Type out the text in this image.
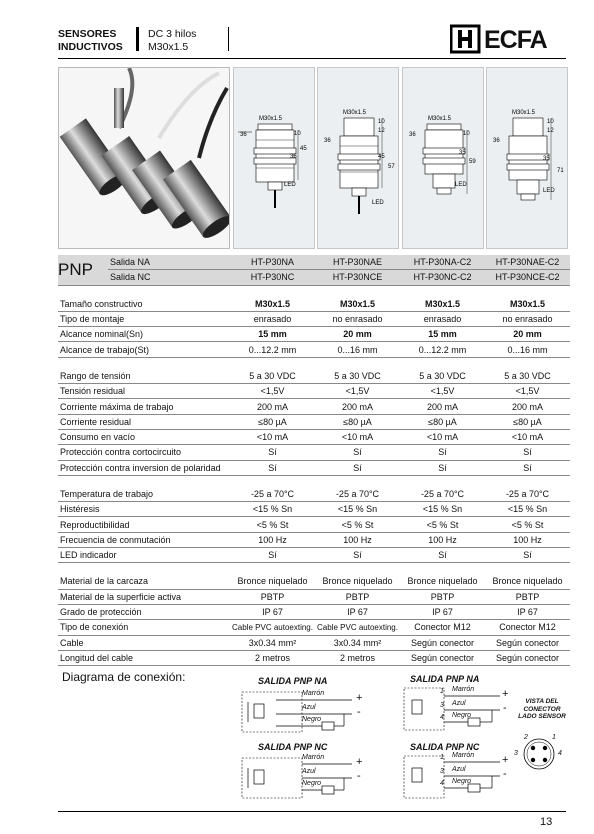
SENSORES
INDUCTIVOS
DC 3 hilos
M30x1.5	ECFA
M30x1.5
36	10
45
35
LED
M30x1.5
36
10
12
45
57
LED
M30x1.5
36	10
35
59
LED
M30x1.5
36
10
12
35
71
LED
PNP	Salida NA	HT-P30NA	HT-P30NAE	HT-P30NA-C2	HT-P30NAE-C2
	Salida NC	HT-P30NC	HT-P30NCE	HT-P30NC-C2	HT-P30NCE-C2

Tamaño constructivo		M30x1.5	M30x1.5	M30x1.5	M30x1.5
Tipo de montaje		enrasado	no enrasado	enrasado	no enrasado
Alcance nominal(Sn)		15 mm	20 mm	15 mm	20 mm
Alcance de trabajo(St)		0...12.2 mm	0...16 mm	0...12.2 mm	0...16 mm

Rango de tensión		5 a 30 VDC	5 a 30 VDC	5 a 30 VDC	5 a 30 VDC
Tensión residual		<1,5V	<1,5V	<1,5V	<1,5V
Corriente máxima de trabajo		200 mA	200 mA	200 mA	200 mA
Corriente residual		≤80 µA	≤80 µA	≤80 µA	≤80 µA
Consumo en vacío		<10 mA	<10 mA	<10 mA	<10 mA
Protección contra cortocircuito		Sí	Sí	Sí	Sí
Protección contra inversion de polaridad		Sí	Sí	Sí	Sí

Temperatura de trabajo		-25 a 70°C	-25 a 70°C	-25 a 70°C	-25 a 70°C
Histéresis		<15 % Sn	<15 % Sn	<15 % Sn	<15 % Sn
Reproductibilidad		<5 % St	<5 % St	<5 % St	<5 % St
Frecuencia de conmutación		100 Hz	100 Hz	100 Hz	100 Hz
LED indicador		Sí	Sí	Sí	Sí

Material de la carcaza		Bronce niquelado	Bronce niquelado	Bronce niquelado	Bronce niquelado
Material de la superficie activa		PBTP	PBTP	PBTP	PBTP
Grado de protección		IP 67	IP 67	IP 67	IP 67
Tipo de conexión		Cable PVC autoexting.	Cable PVC autoexting.	Conector M12	Conector M12
Cable		3x0.34 mm²	3x0.34 mm²	Según conector	Según conector
Longitud del cable		2 metros	2 metros	Según conector	Según conector
Diagrama de conexión:	SALIDA PNP NA
Marrón
Azul
Negro
+
-
SALIDA PNP NC
Marrón
Azul
Negro
+
-
SALIDA PNP NA
1
3
4
Marrón
Azul
Negro
+
-
VISTA DEL
CONECTOR
LADO SENSOR
SALIDA PNP NC
1
3
4
Marrón
Azul
Negro
+
-
2	1
3	4
13
